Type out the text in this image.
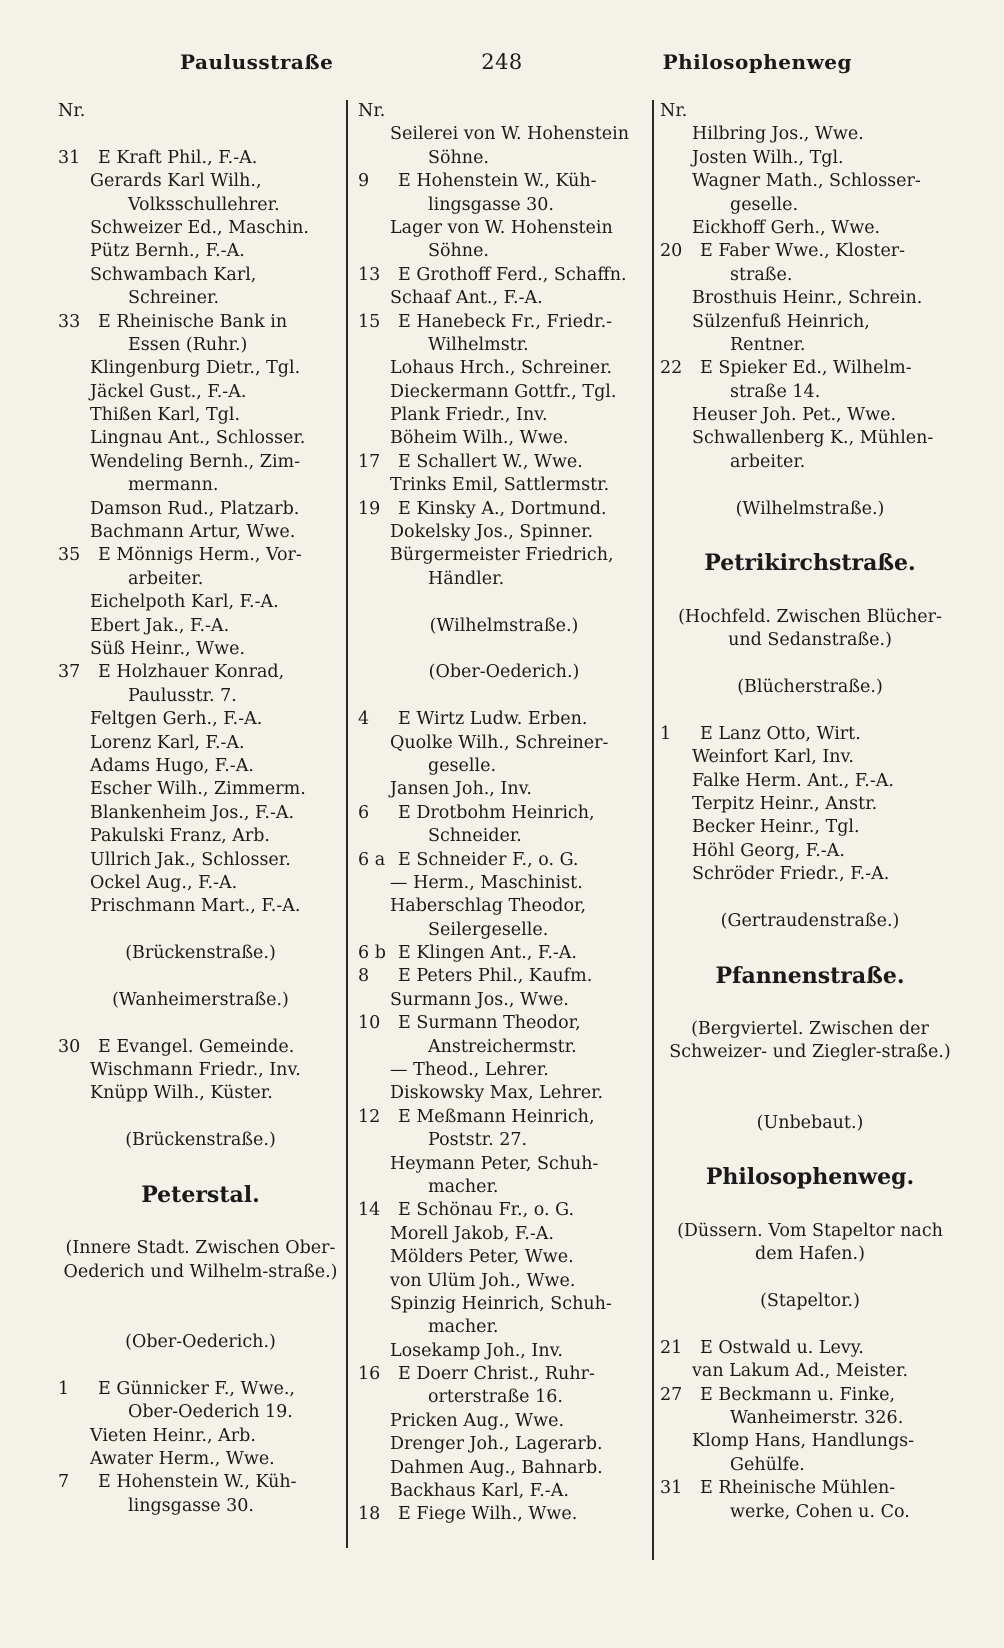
Paulusstraße	248	Philosophenweg
Nr.
31 E Kraft Phil., F.-A.
Gerards Karl Wilh.,
Volksschullehrer.
Schweizer Ed., Maschin.
Pütz Bernh., F.-A.
Schwambach Karl,
Schreiner.
33 E Rheinische Bank in
Essen (Ruhr.)
Klingenburg Dietr., Tgl.
Jäckel Gust., F.-A.
Thißen Karl, Tgl.
Lingnau Ant., Schlosser.
Wendeling Bernh., Zim-
mermann.
Damson Rud., Platzarb.
Bachmann Artur, Wwe.
35 E Mönnigs Herm., Vor-
arbeiter.
Eichelpoth Karl, F.-A.
Ebert Jak., F.-A.
Süß Heinr., Wwe.
37 E Holzhauer Konrad,
Paulusstr. 7.
Feltgen Gerh., F.-A.
Lorenz Karl, F.-A.
Adams Hugo, F.-A.
Escher Wilh., Zimmerm.
Blankenheim Jos., F.-A.
Pakulski Franz, Arb.
Ullrich Jak., Schlosser.
Ockel Aug., F.-A.
Prischmann Mart., F.-A.
(Brückenstraße.)
(Wanheimerstraße.)
30 E Evangel. Gemeinde.
Wischmann Friedr., Inv.
Knüpp Wilh., Küster.
(Brückenstraße.)
Peterstal.
(Innere Stadt. Zwischen Ober-Oederich und Wilhelm-straße.)
(Ober-Oederich.)
1 E Günnicker F., Wwe.,
Ober-Oederich 19.
Vieten Heinr., Arb.
Awater Herm., Wwe.
7 E Hohenstein W., Küh-
lingsgasse 30.
Nr.
Seilerei von W. Hohenstein
Söhne.
9 E Hohenstein W., Küh-
lingsgasse 30.
Lager von W. Hohenstein
Söhne.
13 E Grothoff Ferd., Schaffn.
Schaaf Ant., F.-A.
15 E Hanebeck Fr., Friedr.-
Wilhelmstr.
Lohaus Hrch., Schreiner.
Dieckermann Gottfr., Tgl.
Plank Friedr., Inv.
Böheim Wilh., Wwe.
17 E Schallert W., Wwe.
Trinks Emil, Sattlermstr.
19 E Kinsky A., Dortmund.
Dokelsky Jos., Spinner.
Bürgermeister Friedrich,
Händler.
(Wilhelmstraße.)
(Ober-Oederich.)
4 E Wirtz Ludw. Erben.
Quolke Wilh., Schreiner-
geselle.
Jansen Joh., Inv.
6 E Drotbohm Heinrich,
Schneider.
6 a E Schneider F., o. G.
— Herm., Maschinist.
Haberschlag Theodor,
Seilergeselle.
6 b E Klingen Ant., F.-A.
8 E Peters Phil., Kaufm.
Surmann Jos., Wwe.
10 E Surmann Theodor,
Anstreichermstr.
— Theod., Lehrer.
Diskowsky Max, Lehrer.
12 E Meßmann Heinrich,
Poststr. 27.
Heymann Peter, Schuh-
macher.
14 E Schönau Fr., o. G.
Morell Jakob, F.-A.
Mölders Peter, Wwe.
von Ulüm Joh., Wwe.
Spinzig Heinrich, Schuh-
macher.
Losekamp Joh., Inv.
16 E Doerr Christ., Ruhr-
orterstraße 16.
Pricken Aug., Wwe.
Drenger Joh., Lagerarb.
Dahmen Aug., Bahnarb.
Backhaus Karl, F.-A.
18 E Fiege Wilh., Wwe.
Nr.
Hilbring Jos., Wwe.
Josten Wilh., Tgl.
Wagner Math., Schlosser-
geselle.
Eickhoff Gerh., Wwe.
20 E Faber Wwe., Kloster-
straße.
Brosthuis Heinr., Schrein.
Sülzenfuß Heinrich,
Rentner.
22 E Spieker Ed., Wilhelm-
straße 14.
Heuser Joh. Pet., Wwe.
Schwallenberg K., Mühlen-
arbeiter.
(Wilhelmstraße.)
Petrikirchstraße.
(Hochfeld. Zwischen Blücher- und Sedanstraße.)
(Blücherstraße.)
1 E Lanz Otto, Wirt.
Weinfort Karl, Inv.
Falke Herm. Ant., F.-A.
Terpitz Heinr., Anstr.
Becker Heinr., Tgl.
Höhl Georg, F.-A.
Schröder Friedr., F.-A.
(Gertraudenstraße.)
Pfannenstraße.
(Bergviertel. Zwischen der Schweizer- und Ziegler-straße.)
(Unbebaut.)
Philosophenweg.
(Düssern. Vom Stapeltor nach dem Hafen.)
(Stapeltor.)
21 E Ostwald u. Levy.
van Lakum Ad., Meister.
27 E Beckmann u. Finke,
Wanheimerstr. 326.
Klomp Hans, Handlungs-
Gehülfe.
31 E Rheinische Mühlen-
werke, Cohen u. Co.
